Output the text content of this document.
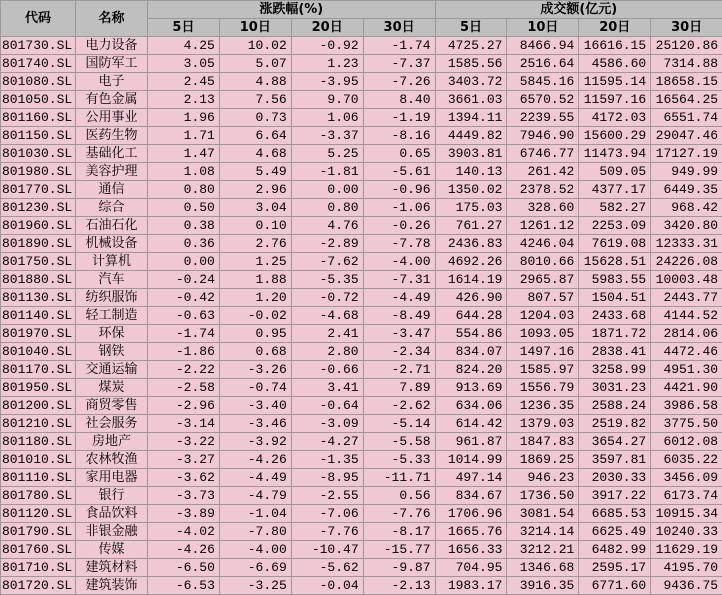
代码	名称	涨跌幅(%)				成交额(亿元)			
		5日	10日	20日	30日	5日	10日	20日	30日
801730.SL	电力设备	4.25	10.02	-0.92	-1.74	4725.27	8466.94	16616.15	25120.86
801740.SL	国防军工	3.05	5.07	1.23	-7.37	1585.56	2516.64	4586.60	7314.88
801080.SL	电子	2.45	4.88	-3.95	-7.26	3403.72	5845.16	11595.14	18658.15
801050.SL	有色金属	2.13	7.56	9.70	8.40	3661.03	6570.52	11597.16	16564.25
801160.SL	公用事业	1.96	0.73	1.06	-1.19	1394.11	2239.55	4172.03	6551.74
801150.SL	医药生物	1.71	6.64	-3.37	-8.16	4449.82	7946.90	15600.29	29047.46
801030.SL	基础化工	1.47	4.68	5.25	0.65	3903.81	6746.77	11473.94	17127.19
801980.SL	美容护理	1.08	5.49	-1.81	-5.61	140.13	261.42	509.05	949.99
801770.SL	通信	0.80	2.96	0.00	-0.96	1350.02	2378.52	4377.17	6449.35
801230.SL	综合	0.50	3.04	0.80	-1.06	175.03	328.60	582.27	968.42
801960.SL	石油石化	0.38	0.10	4.76	-0.26	761.27	1261.12	2253.09	3420.80
801890.SL	机械设备	0.36	2.76	-2.89	-7.78	2436.83	4246.04	7619.08	12333.31
801750.SL	计算机	0.00	1.25	-7.62	-4.00	4692.26	8010.66	15628.51	24226.08
801880.SL	汽车	-0.24	1.88	-5.35	-7.31	1614.19	2965.87	5983.55	10003.48
801130.SL	纺织服饰	-0.42	1.20	-0.72	-4.49	426.90	807.57	1504.51	2443.77
801140.SL	轻工制造	-0.63	-0.02	-4.68	-8.49	644.28	1204.03	2433.68	4144.52
801970.SL	环保	-1.74	0.95	2.41	-3.47	554.86	1093.05	1871.72	2814.06
801040.SL	钢铁	-1.86	0.68	2.80	-2.34	834.07	1497.16	2838.41	4472.46
801170.SL	交通运输	-2.22	-3.26	-0.66	-2.71	824.20	1585.97	3258.99	4951.30
801950.SL	煤炭	-2.58	-0.74	3.41	7.89	913.69	1556.79	3031.23	4421.90
801200.SL	商贸零售	-2.96	-3.40	-0.64	-2.62	634.06	1236.35	2588.24	3986.58
801210.SL	社会服务	-3.14	-3.46	-3.09	-5.14	614.42	1379.03	2519.82	3775.50
801180.SL	房地产	-3.22	-3.92	-4.27	-5.58	961.87	1847.83	3654.27	6012.08
801010.SL	农林牧渔	-3.27	-4.26	-1.35	-5.33	1014.99	1869.25	3597.81	6035.22
801110.SL	家用电器	-3.62	-4.49	-8.95	-11.71	497.14	946.23	2030.33	3456.09
801780.SL	银行	-3.73	-4.79	-2.55	0.56	834.67	1736.50	3917.22	6173.74
801120.SL	食品饮料	-3.89	-1.04	-7.06	-7.76	1706.96	3081.54	6685.53	10915.34
801790.SL	非银金融	-4.02	-7.80	-7.76	-8.17	1665.76	3214.14	6625.49	10240.33
801760.SL	传媒	-4.26	-4.00	-10.47	-15.77	1656.33	3212.21	6482.99	11629.19
801710.SL	建筑材料	-6.50	-6.69	-5.62	-9.87	704.95	1346.68	2595.17	4195.70
801720.SL	建筑装饰	-6.53	-3.25	-0.04	-2.13	1983.17	3916.35	6771.60	9436.75
